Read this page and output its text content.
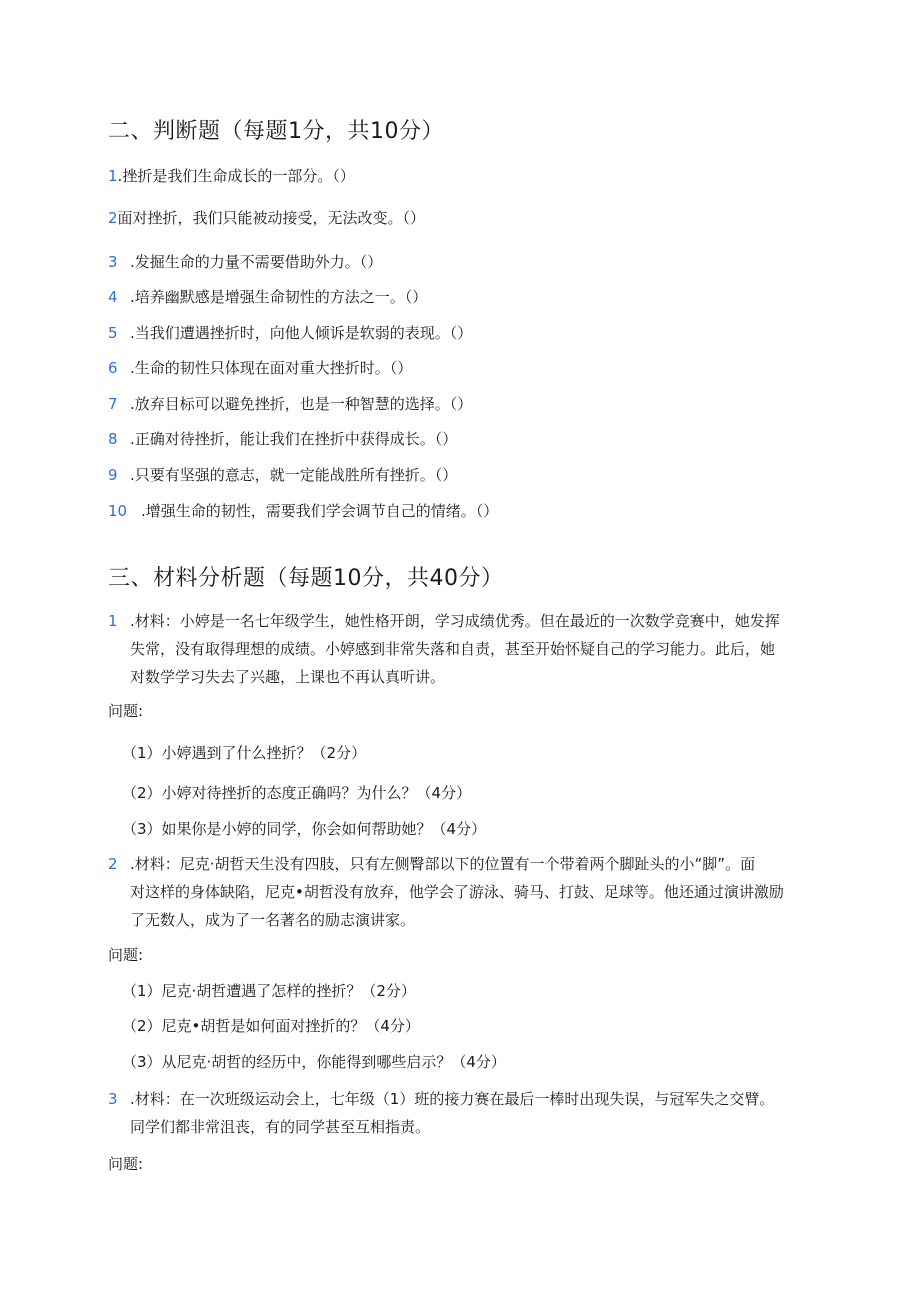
二、判断题（每题1分，共10分）
1.挫折是我们生命成长的一部分。（）
2面对挫折，我们只能被动接受，无法改变。（）
3 .发掘生命的力量不需要借助外力。（）
4 .培养幽默感是增强生命韧性的方法之一。（）
5 .当我们遭遇挫折时，向他人倾诉是软弱的表现。（）
6 .生命的韧性只体现在面对重大挫折时。（）
7 .放弃目标可以避免挫折，也是一种智慧的选择。（）
8 .正确对待挫折，能让我们在挫折中获得成长。（）
9 .只要有坚强的意志，就一定能战胜所有挫折。（）
10 .增强生命的韧性，需要我们学会调节自己的情绪。（）
三、材料分析题（每题10分，共40分）
1 .材料：小婷是一名七年级学生，她性格开朗，学习成绩优秀。但在最近的一次数学竞赛中，她发挥
失常，没有取得理想的成绩。小婷感到非常失落和自责，甚至开始怀疑自己的学习能力。此后，她
对数学学习失去了兴趣，上课也不再认真听讲。
问题:
（1）小婷遇到了什么挫折？（2分）
（2）小婷对待挫折的态度正确吗？为什么？（4分）
（3）如果你是小婷的同学，你会如何帮助她？（4分）
2 .材料：尼克·胡哲天生没有四肢，只有左侧臀部以下的位置有一个带着两个脚趾头的小“脚”。面
对这样的身体缺陷，尼克•胡哲没有放弃，他学会了游泳、骑马、打鼓、足球等。他还通过演讲激励
了无数人，成为了一名著名的励志演讲家。
问题:
（1）尼克·胡哲遭遇了怎样的挫折？（2分）
（2）尼克•胡哲是如何面对挫折的？（4分）
（3）从尼克·胡哲的经历中，你能得到哪些启示？（4分）
3 .材料：在一次班级运动会上，七年级（1）班的接力赛在最后一棒时出现失误，与冠军失之交臂。
同学们都非常沮丧，有的同学甚至互相指责。
问题:
